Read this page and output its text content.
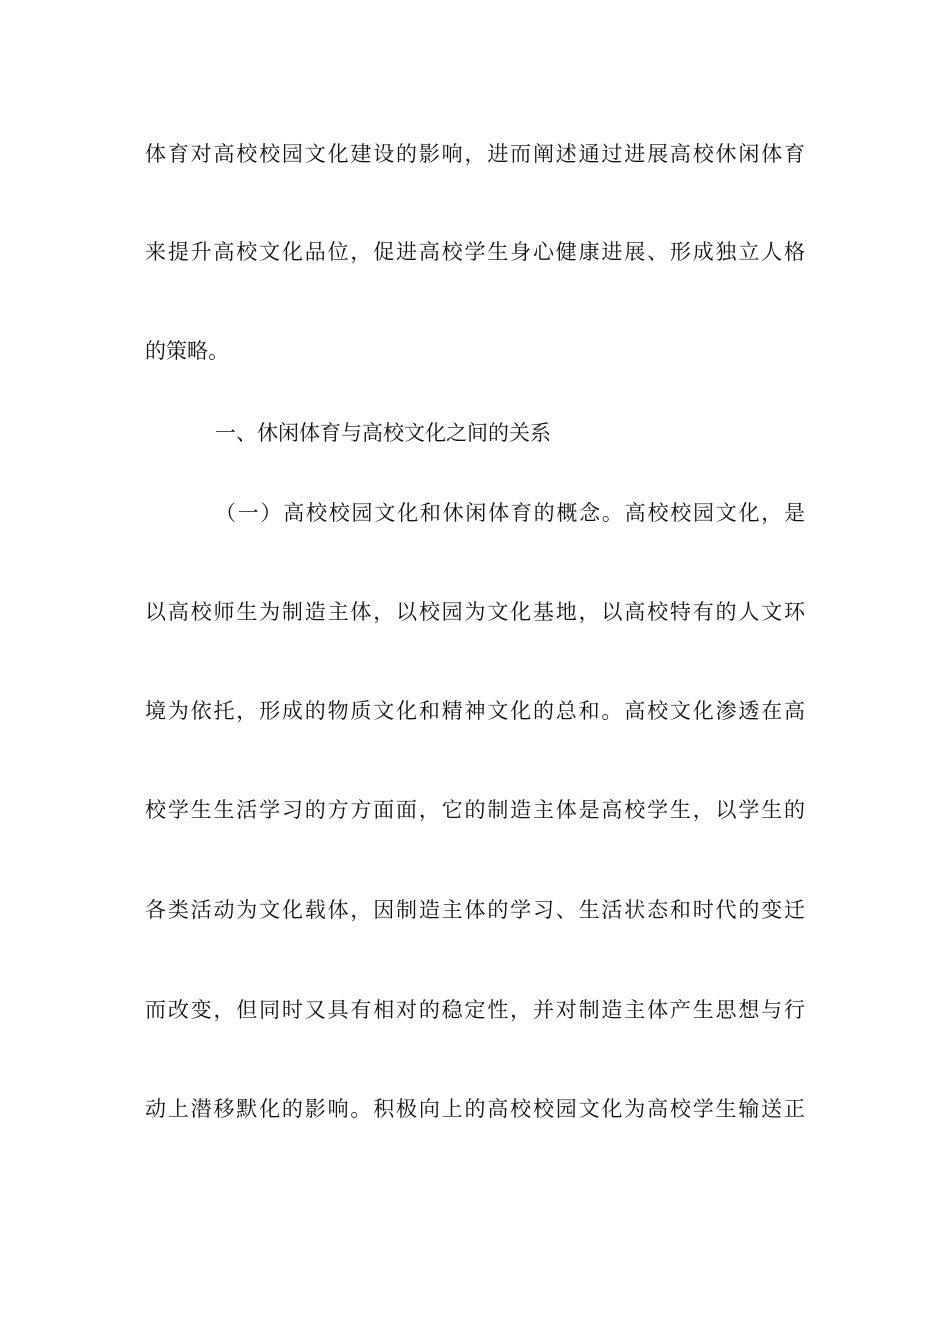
体育对高校校园文化建设的影响，进而阐述通过进展高校休闲体育
来提升高校文化品位，促进高校学生身心健康进展、形成独立人格
的策略。
一、休闲体育与高校文化之间的关系
（一）高校校园文化和休闲体育的概念。高校校园文化，是
以高校师生为制造主体，以校园为文化基地，以高校特有的人文环
境为依托，形成的物质文化和精神文化的总和。高校文化渗透在高
校学生生活学习的方方面面，它的制造主体是高校学生，以学生的
各类活动为文化载体，因制造主体的学习、生活状态和时代的变迁
而改变，但同时又具有相对的稳定性，并对制造主体产生思想与行
动上潜移默化的影响。积极向上的高校校园文化为高校学生输送正
